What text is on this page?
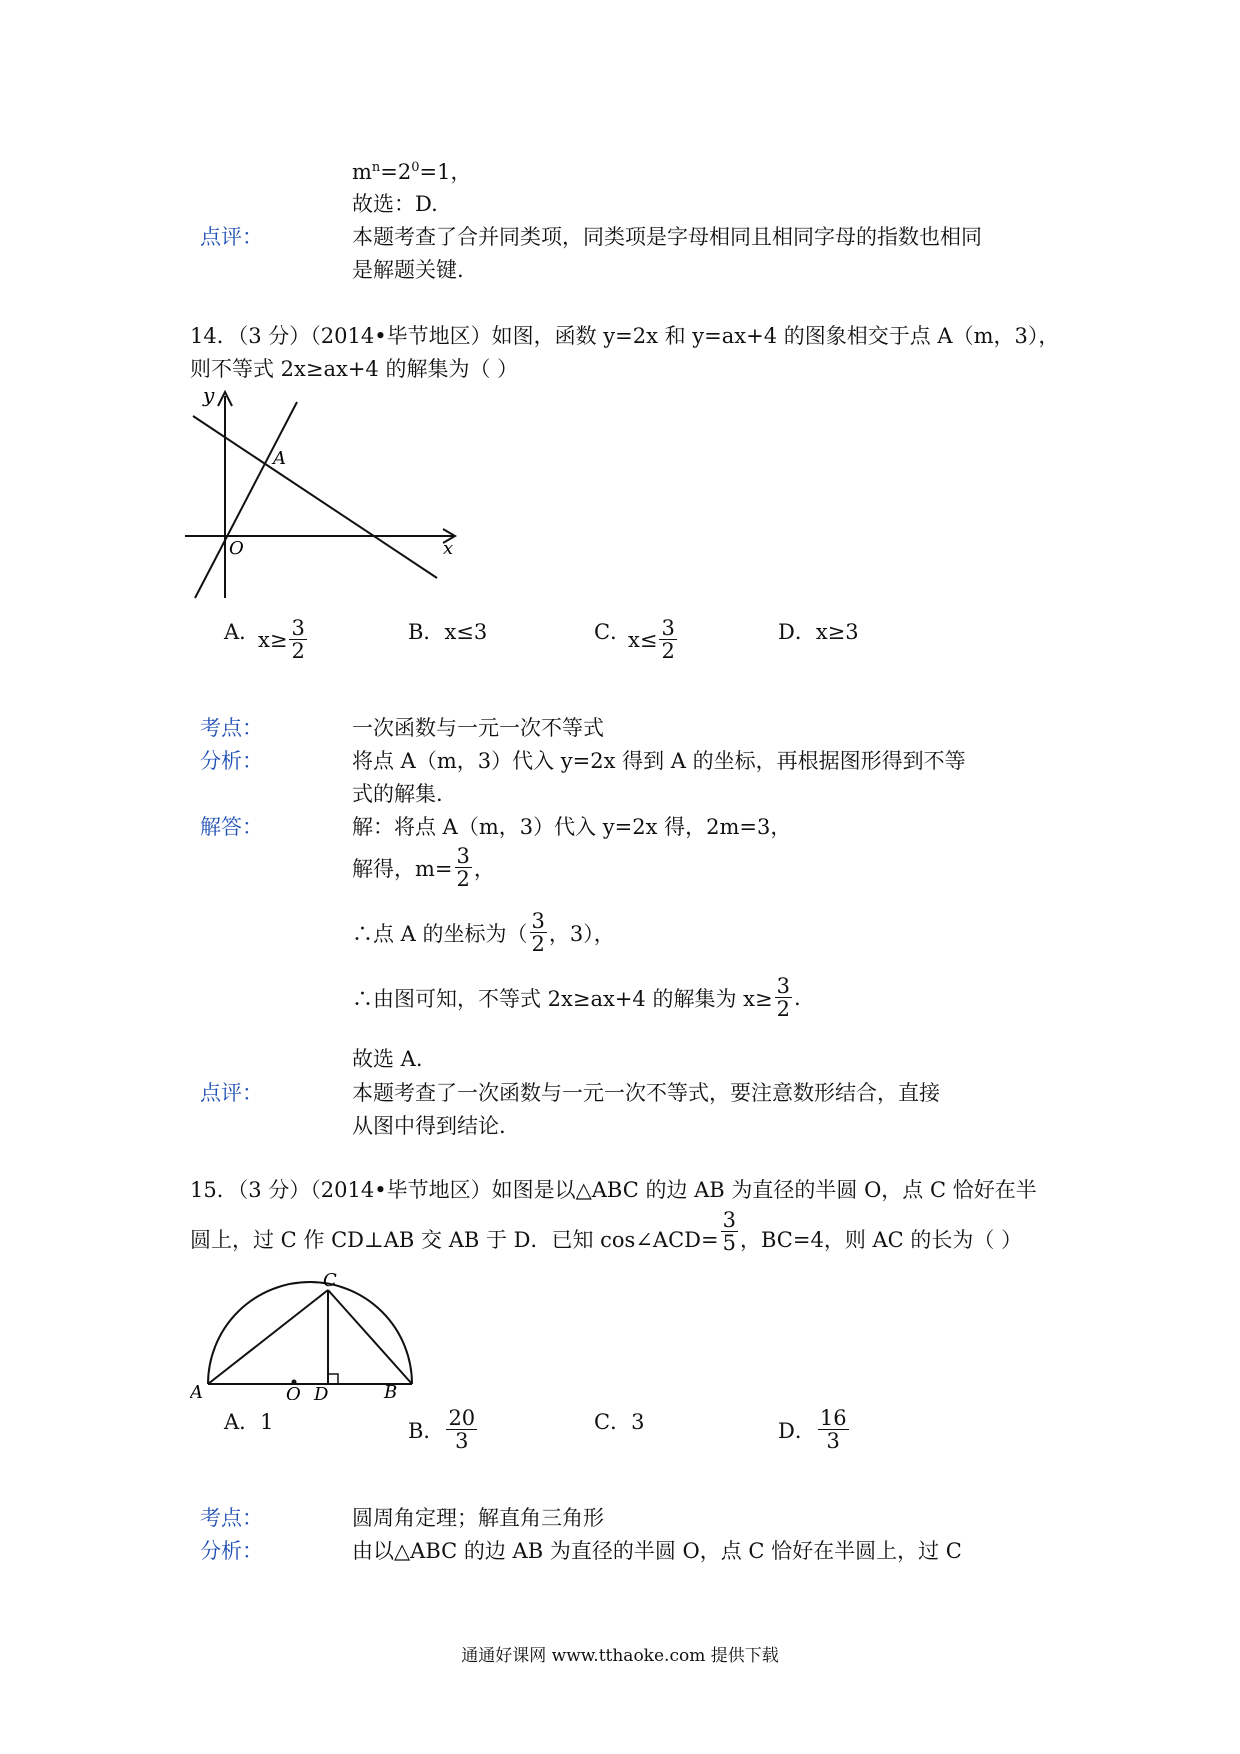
$m^n=2^0=1$，
故选：D.
点评：	本题考查了合并同类项，同类项是字母相同且相同字母的指数也相同
是解题关键.
14．（3 分）（2014•毕节地区）如图，函数 y=2x 和 y=ax+4 的图象相交于点 A（m，3），
则不等式 2x≥ax+4 的解集为（ ）
y
x
O
A
A．
$x\ge \frac{3}{2}$	B．x≤3	C．
$x\le \frac{3}{2}$	D．x≥3
考点：	一次函数与一元一次不等式
分析：	将点 A（m，3）代入 y=2x 得到 A 的坐标，再根据图形得到不等
式的解集.
解答：	解：将点 A（m，3）代入 y=2x 得，2m=3，
解得，$m= \frac{3}{2}$ ，
∴点 A 的坐标为（ $\frac{3}{2}$ ，3），
∴由图可知，不等式 2x≥ax+4 的解集为 $x\ge \frac{3}{2}$ .
故选 A.
点评：	本题考查了一次函数与一元一次不等式，要注意数形结合，直接
从图中得到结论.
15．（3 分）（2014•毕节地区）如图是以△ABC 的边 AB 为直径的半圆 O，点 C 恰好在半
圆上，过 C 作 CD⊥AB 交 AB 于 D．已知 cos∠ACD= $\frac{3}{5}$ ，BC=4，则 AC 的长为（ ）
A	B
C
D
O
A．1	B． $\frac{20}{3}$	C．3	D． $\frac{16}{3}$
考点：	圆周角定理；解直角三角形
分析：	由以△ABC 的边 AB 为直径的半圆 O，点 C 恰好在半圆上，过 C
通通好课网 www.tthaoke.com 提供下载
